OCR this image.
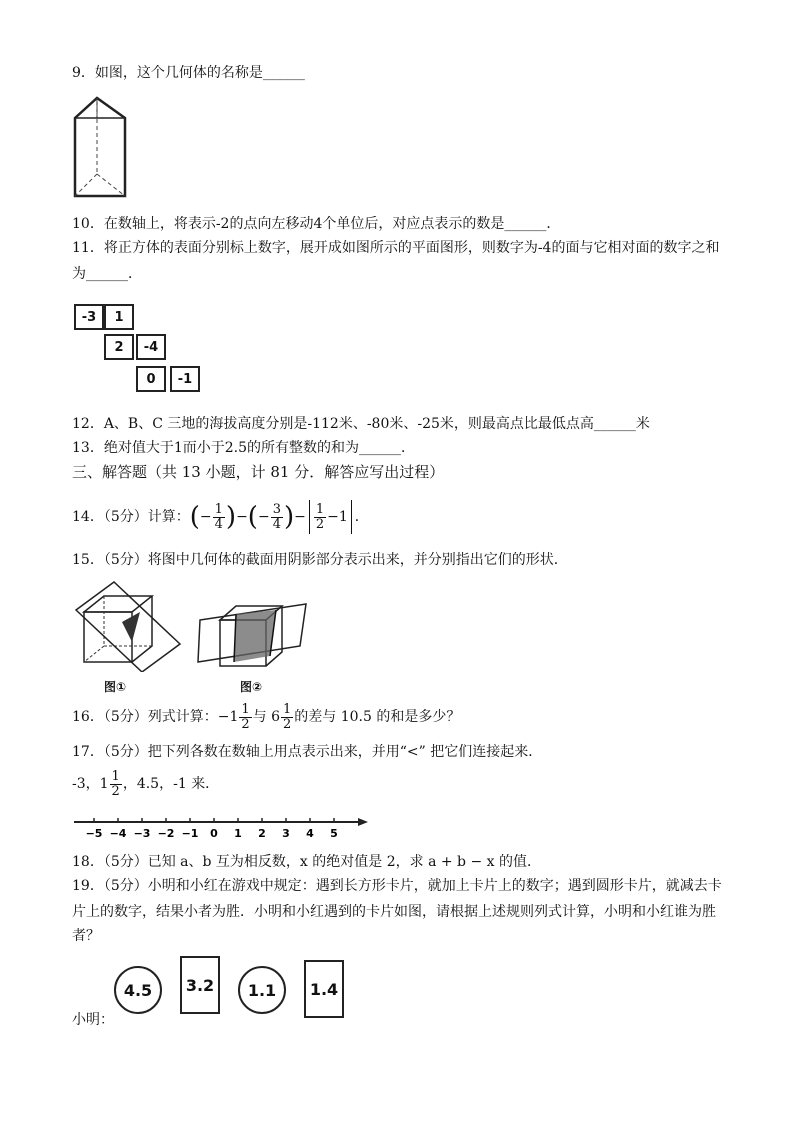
9．如图，这个几何体的名称是______
10．在数轴上，将表示-2的点向左移动4个单位后，对应点表示的数是______．
11．将正方体的表面分别标上数字，展开成如图所示的平面图形，则数字为-4的面与它相对面的数字之和
为______．
-3	1
2	-4
0	-1
12．A、B、C 三地的海拔高度分别是-112米、-80米、-25米，则最高点比最低点高______米
13．绝对值大于1而小于2.5的所有整数的和为______．
三、解答题（共 13 小题，计 81 分．解答应写出过程）
14．（5分）计算：(− $\frac{1}{4}$ )−(− $\frac{3}{4}$ )− $\frac{1}{2} -1$ ．
15．（5分）将图中几何体的截面用阴影部分表示出来，并分别指出它们的形状．
图①	图②
16．（5分）列式计算：$-1 \frac{1}{2}$ 与 $6 \frac{1}{2}$ 的差与 10.5 的和是多少？
17．（5分）把下列各数在数轴上用点表示出来，并用“<” 把它们连接起来．
-3，$1 \frac{1}{2}$ ，4.5，-1 来．
−5 −4 −3 −2 −1 0 1 2 3 4 5
18．（5分）已知 a、b 互为相反数，x 的绝对值是 2，求 a + b − x 的值．
19．（5分）小明和小红在游戏中规定：遇到长方形卡片，就加上卡片上的数字；遇到圆形卡片，就减去卡
片上的数字，结果小者为胜．小明和小红遇到的卡片如图，请根据上述规则列式计算，小明和小红谁为胜
者？
4.5	3.2	1.1	1.4
小明：
